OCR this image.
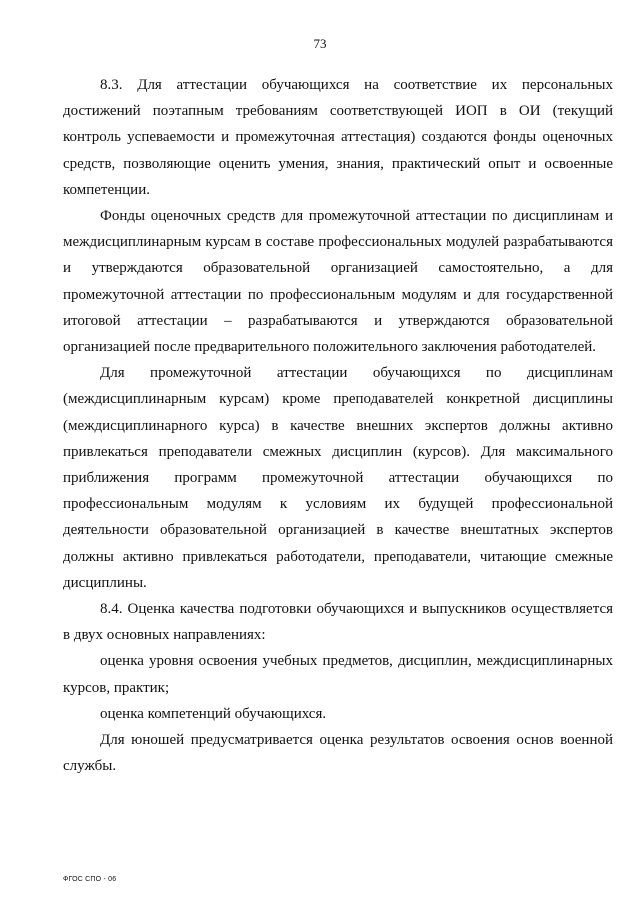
73

8.3. Для аттестации обучающихся на соответствие их персональных достижений поэтапным требованиям соответствующей ИОП в ОИ (текущий контроль успеваемости и промежуточная аттестация) создаются фонды оценочных средств, позволяющие оценить умения, знания, практический опыт и освоенные компетенции.

Фонды оценочных средств для промежуточной аттестации по дисциплинам и междисциплинарным курсам в составе профессиональных модулей разрабатываются и утверждаются образовательной организацией самостоятельно, а для промежуточной аттестации по профессиональным модулям и для государственной итоговой аттестации – разрабатываются и утверждаются образовательной организацией после предварительного положительного заключения работодателей.

Для промежуточной аттестации обучающихся по дисциплинам (междисциплинарным курсам) кроме преподавателей конкретной дисциплины (междисциплинарного курса) в качестве внешних экспертов должны активно привлекаться преподаватели смежных дисциплин (курсов). Для максимального приближения программ промежуточной аттестации обучающихся по профессиональным модулям к условиям их будущей профессиональной деятельности образовательной организацией в качестве внештатных экспертов должны активно привлекаться работодатели, преподаватели, читающие смежные дисциплины.

8.4. Оценка качества подготовки обучающихся и выпускников осуществляется в двух основных направлениях:

оценка уровня освоения учебных предметов, дисциплин, междисциплинарных курсов, практик;

оценка компетенций обучающихся.

Для юношей предусматривается оценка результатов освоения основ военной службы.

ФГОС СПО - 06
